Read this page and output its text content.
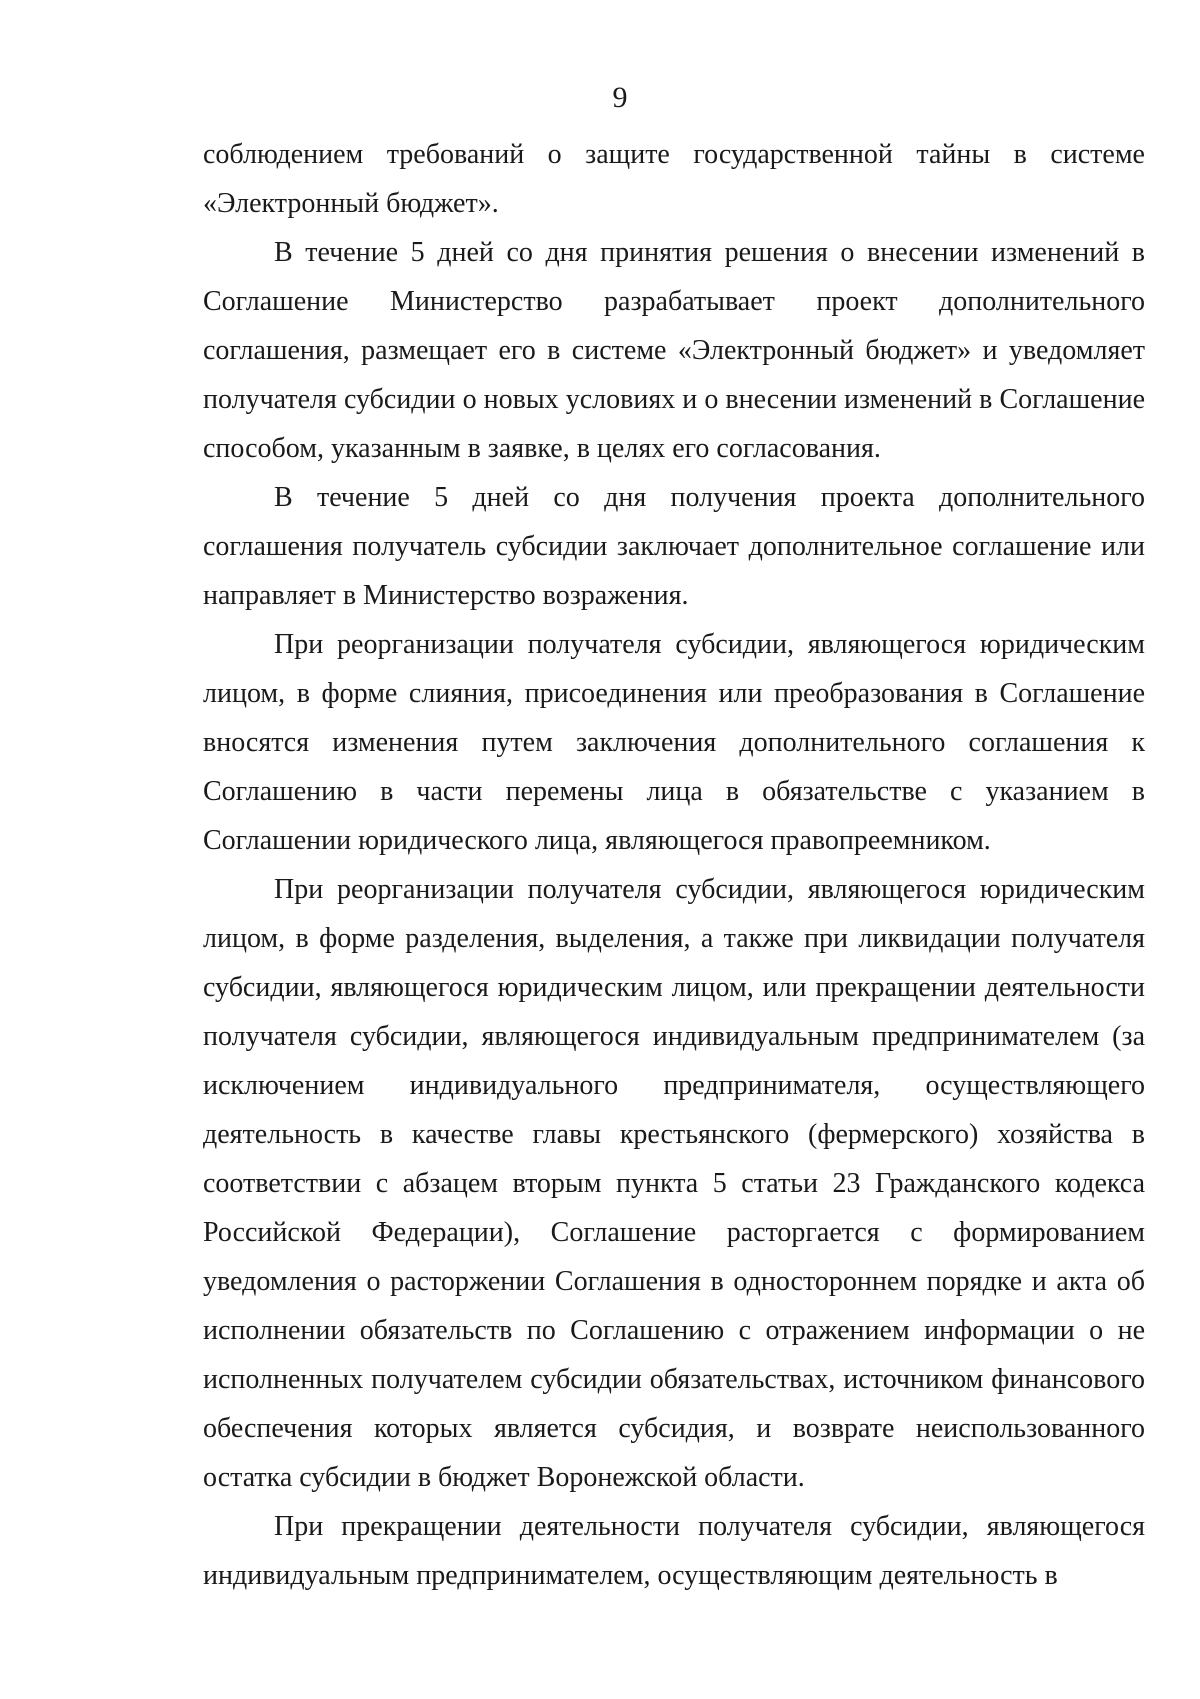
9

соблюдением требований о защите государственной тайны в системе «Электронный бюджет».

В течение 5 дней со дня принятия решения о внесении изменений в Соглашение Министерство разрабатывает проект дополнительного соглашения, размещает его в системе «Электронный бюджет» и уведомляет получателя субсидии о новых условиях и о внесении изменений в Соглашение способом, указанным в заявке, в целях его согласования.

В течение 5 дней со дня получения проекта дополнительного соглашения получатель субсидии заключает дополнительное соглашение или направляет в Министерство возражения.

При реорганизации получателя субсидии, являющегося юридическим лицом, в форме слияния, присоединения или преобразования в Соглашение вносятся изменения путем заключения дополнительного соглашения к Соглашению в части перемены лица в обязательстве с указанием в Соглашении юридического лица, являющегося правопреемником.

При реорганизации получателя субсидии, являющегося юридическим лицом, в форме разделения, выделения, а также при ликвидации получателя субсидии, являющегося юридическим лицом, или прекращении деятельности получателя субсидии, являющегося индивидуальным предпринимателем (за исключением индивидуального предпринимателя, осуществляющего деятельность в качестве главы крестьянского (фермерского) хозяйства в соответствии с абзацем вторым пункта 5 статьи 23 Гражданского кодекса Российской Федерации), Соглашение расторгается с формированием уведомления о расторжении Соглашения в одностороннем порядке и акта об исполнении обязательств по Соглашению с отражением информации о не исполненных получателем субсидии обязательствах, источником финансового обеспечения которых является субсидия, и возврате неиспользованного остатка субсидии в бюджет Воронежской области.

При прекращении деятельности получателя субсидии, являющегося индивидуальным предпринимателем, осуществляющим деятельность в
